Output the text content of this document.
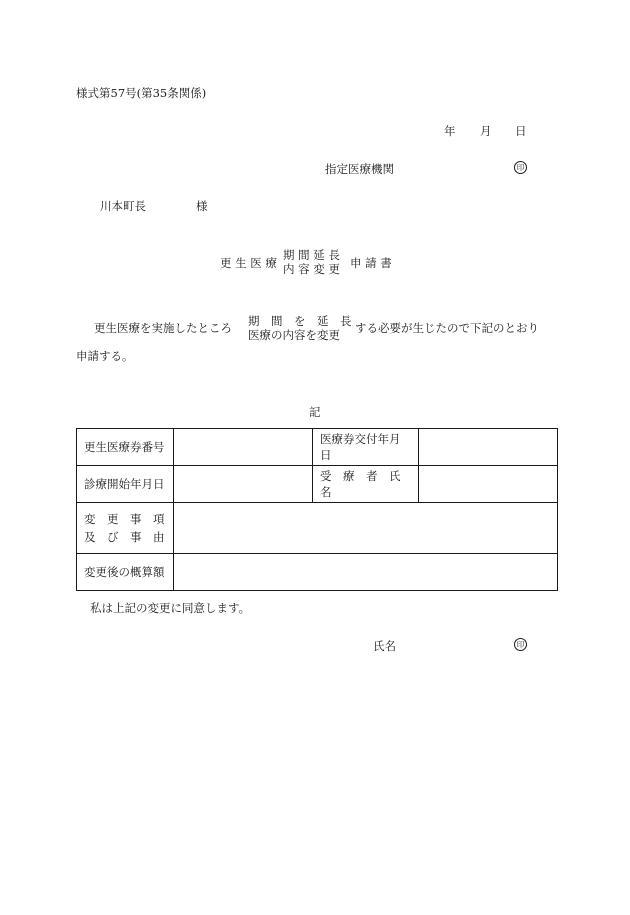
様式第57号(第35条関係)
年 月 日
指定医療機関	印
川本町長	様
更 生 医 療
期 間 延 長
内 容 変 更 申 請 書
更生医療を実施したところ 期　間　を　延　長
医療の内容を変更	する必要が生じたので下記のとおり
申請する。
記
更生医療券番号		医療券交付年月日	
診療開始年月日		受　療　者　氏　名	

変　更　事　項
及　び　事　由			

変更後の概算額			
私は上記の変更に同意します。
氏名	印
